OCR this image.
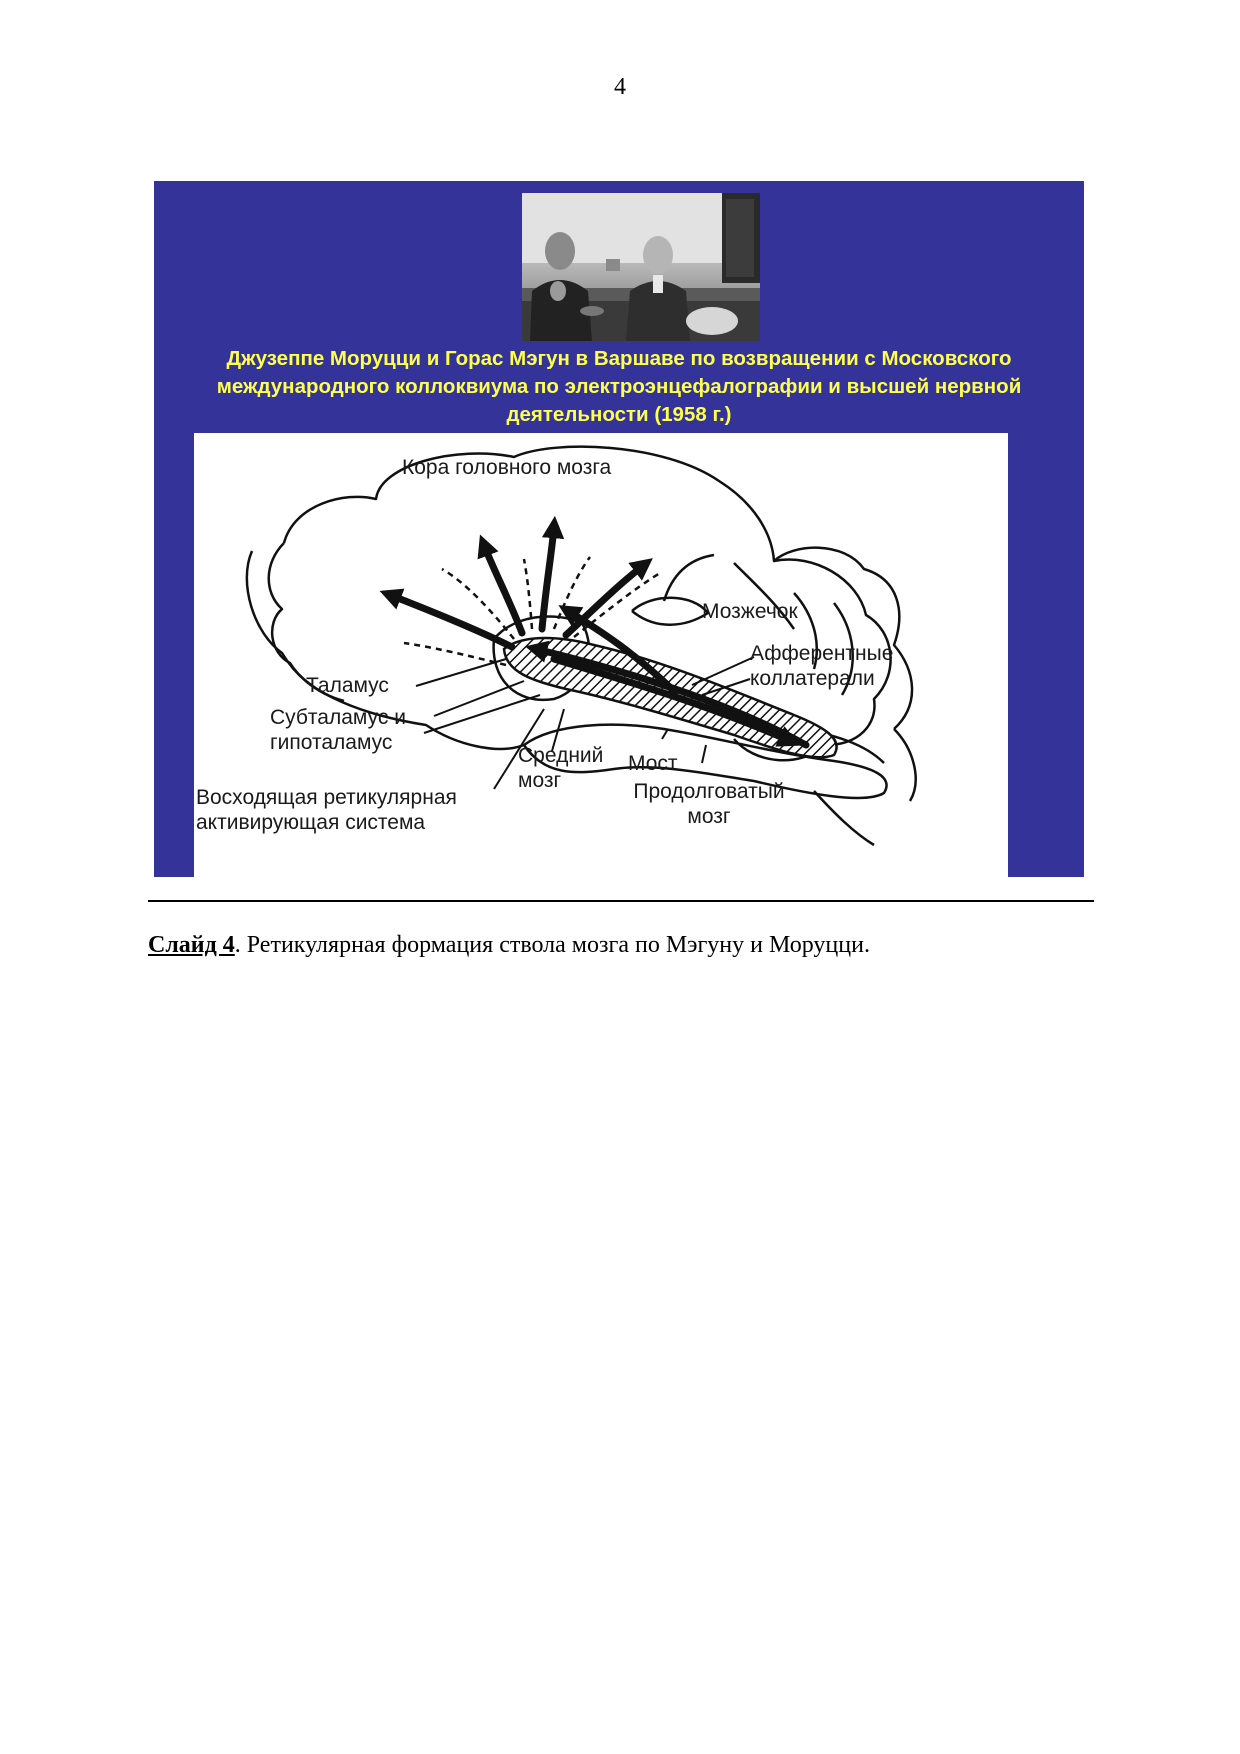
4
Джузеппе Моруцци и Горас Мэгун в Варшаве по возвращении с Московского международного коллоквиума по электроэнцефалографии и высшей нервной деятельности (1958 г.)
Кора головного мозга
Мозжечок
Афферентные коллатерали
Таламус
Субталамус и гипоталамус
Средний мозг
Мост
Продолговатый мозг
Восходящая ретикулярная активирующая система
Слайд 4. Ретикулярная формация ствола мозга по Мэгуну и Моруцци.
